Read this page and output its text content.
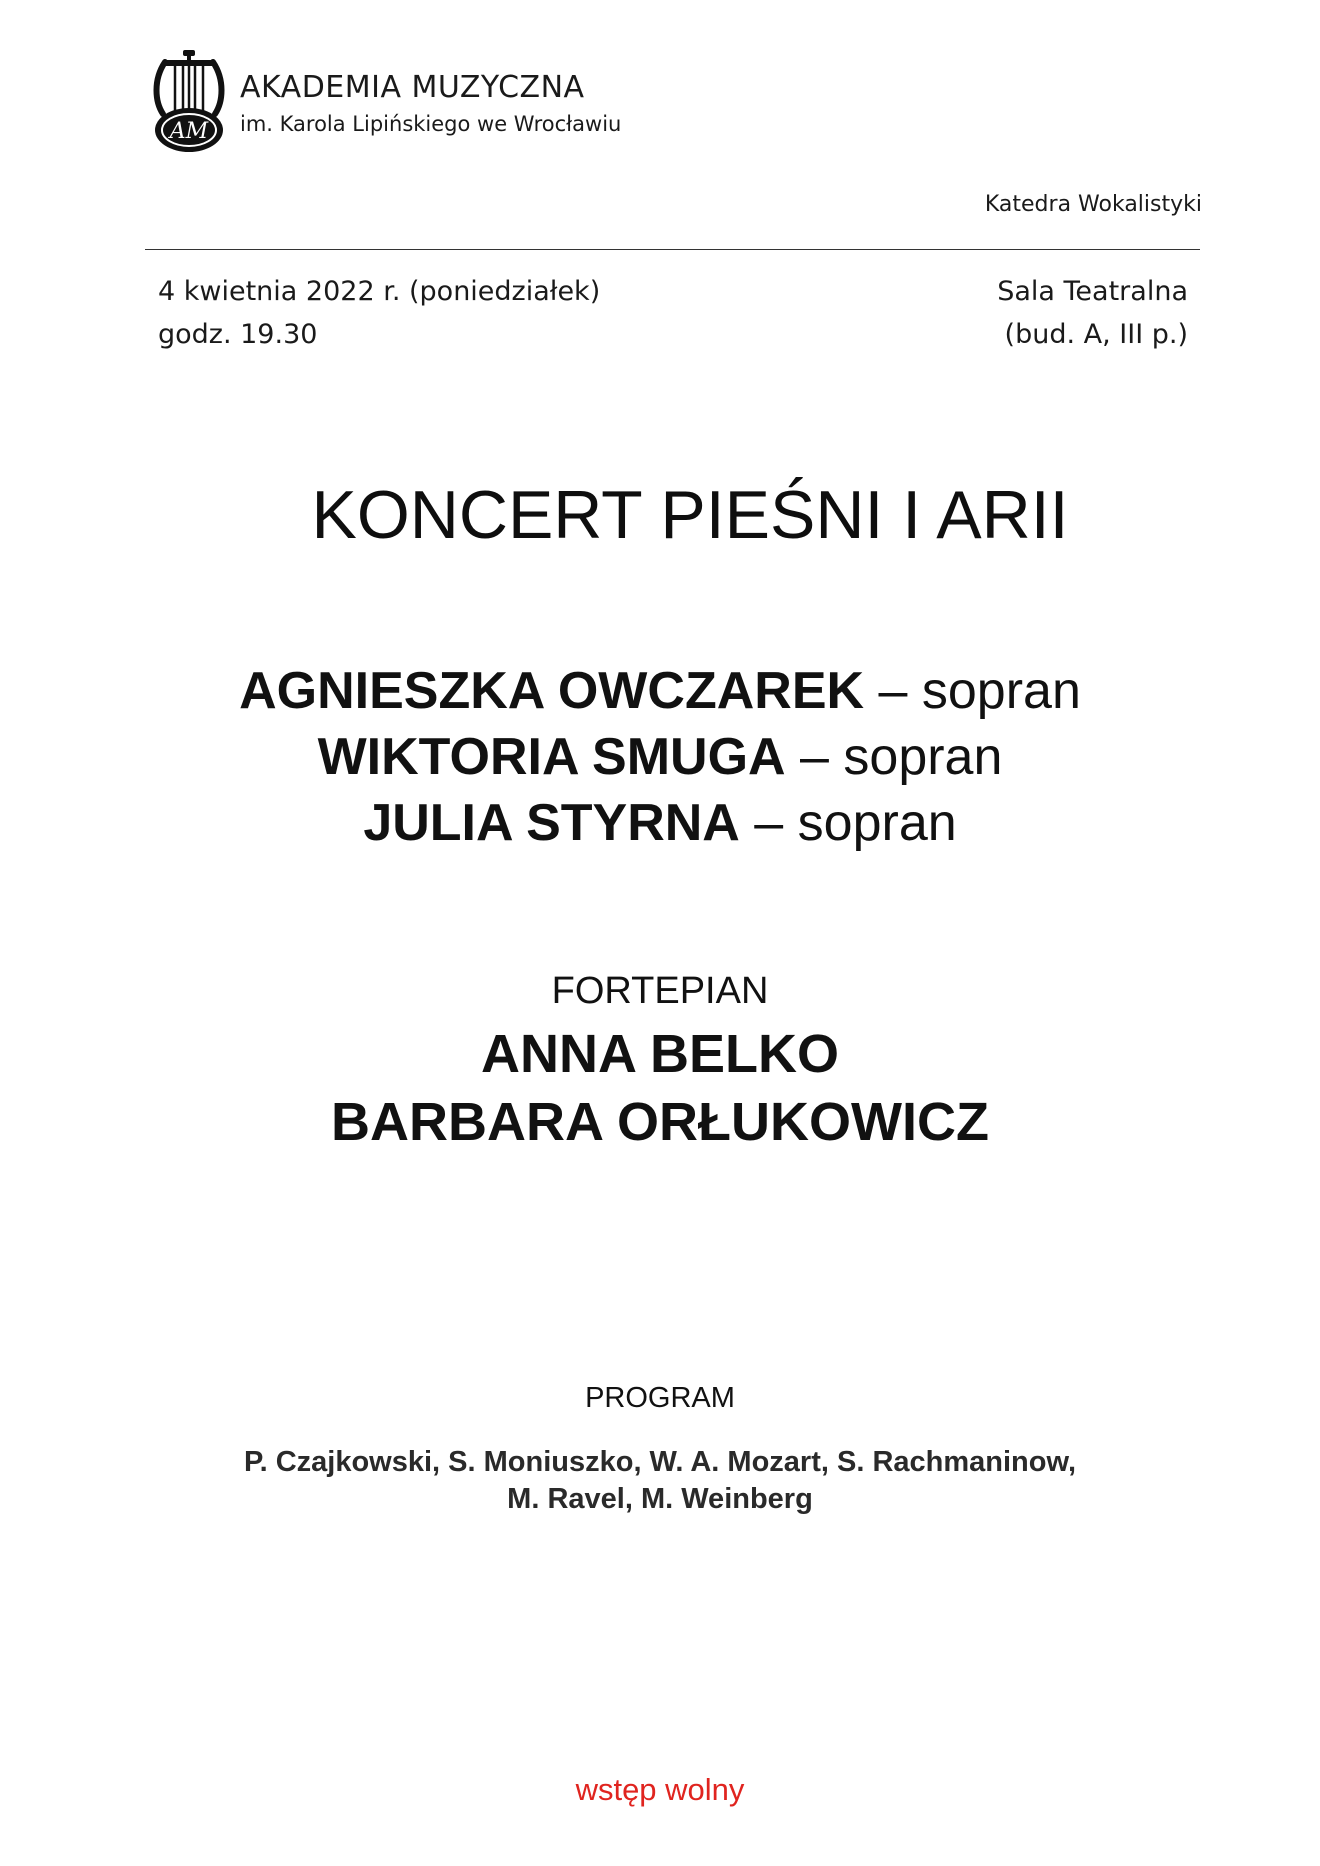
AM
AKADEMIA MUZYCZNA
im. Karola Lipińskiego we Wrocławiu
Katedra Wokalistyki
4 kwietnia 2022 r. (poniedziałek)
godz. 19.30
Sala Teatralna
(bud. A, III p.)
KONCERT PIEŚNI I ARII
AGNIESZKA OWCZAREK – sopran
WIKTORIA SMUGA – sopran
JULIA STYRNA – sopran
FORTEPIAN
ANNA BELKO
BARBARA ORŁUKOWICZ
PROGRAM
P. Czajkowski, S. Moniuszko, W. A. Mozart, S. Rachmaninow,
M. Ravel, M. Weinberg
wstęp wolny
